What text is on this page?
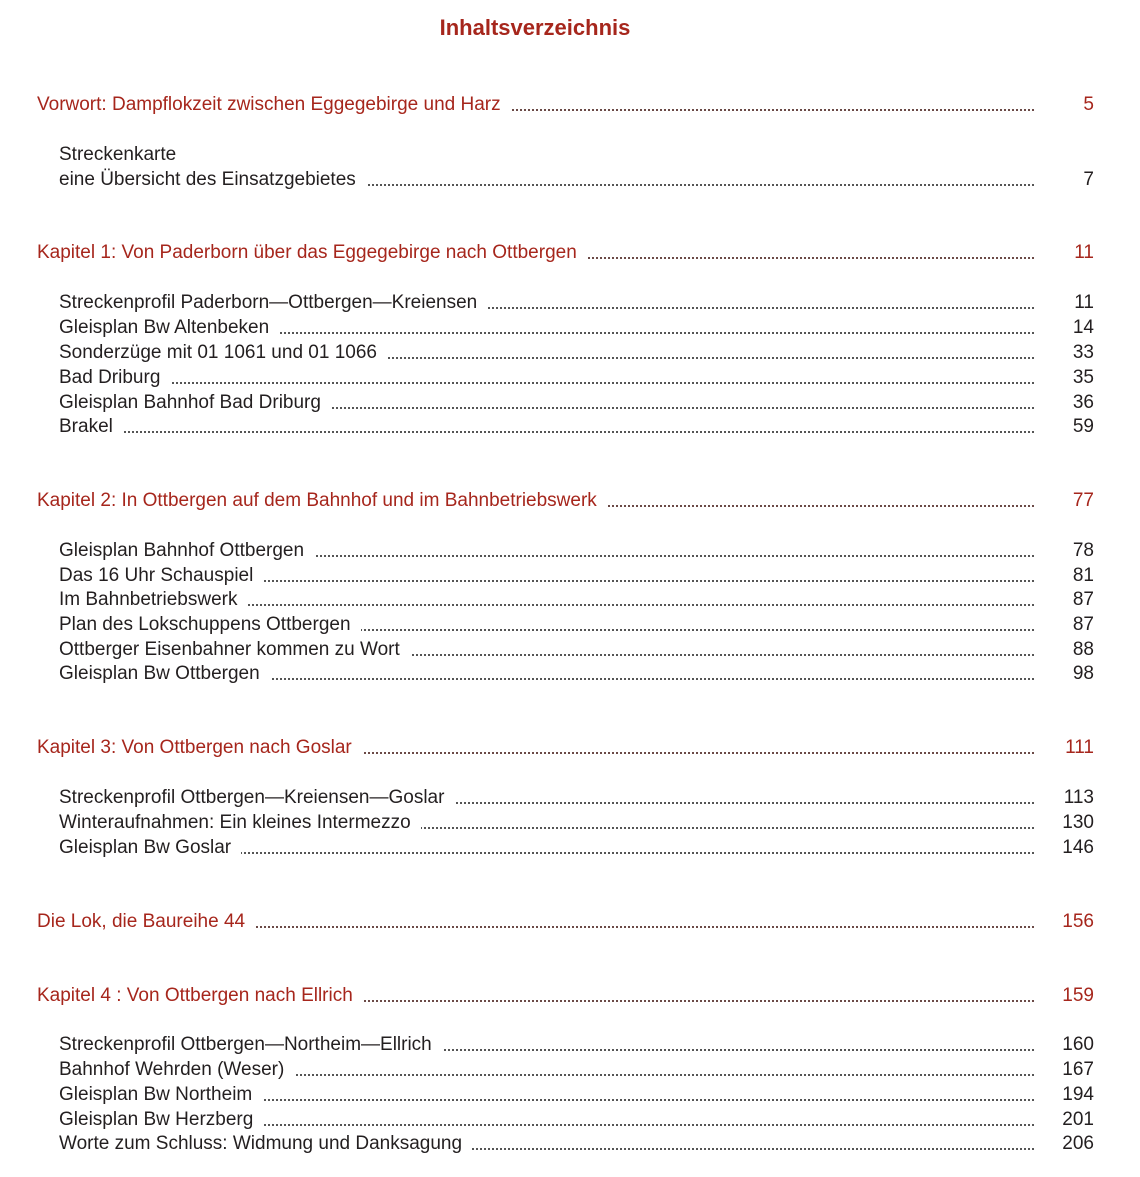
Inhaltsverzeichnis
Vorwort: Dampflokzeit zwischen Eggegebirge und Harz	5
Streckenkarte
eine Übersicht des Einsatzgebietes	7
Kapitel 1: Von Paderborn über das Eggegebirge nach Ottbergen	11
Streckenprofil Paderborn—Ottbergen—Kreiensen	11
Gleisplan Bw Altenbeken	14
Sonderzüge mit 01 1061 und 01 1066	33
Bad Driburg	35
Gleisplan Bahnhof Bad Driburg	36
Brakel	59
Kapitel 2: In Ottbergen auf dem Bahnhof und im Bahnbetriebswerk	77
Gleisplan Bahnhof Ottbergen	78
Das 16 Uhr Schauspiel	81
Im Bahnbetriebswerk	87
Plan des Lokschuppens Ottbergen	87
Ottberger Eisenbahner kommen zu Wort	88
Gleisplan Bw Ottbergen	98
Kapitel 3: Von Ottbergen nach Goslar	111
Streckenprofil Ottbergen—Kreiensen—Goslar	113
Winteraufnahmen: Ein kleines Intermezzo	130
Gleisplan Bw Goslar	146
Die Lok, die Baureihe 44	156
Kapitel 4 : Von Ottbergen nach Ellrich	159
Streckenprofil Ottbergen—Northeim—Ellrich	160
Bahnhof Wehrden (Weser)	167
Gleisplan Bw Northeim	194
Gleisplan Bw Herzberg	201
Worte zum Schluss: Widmung und Danksagung	206
